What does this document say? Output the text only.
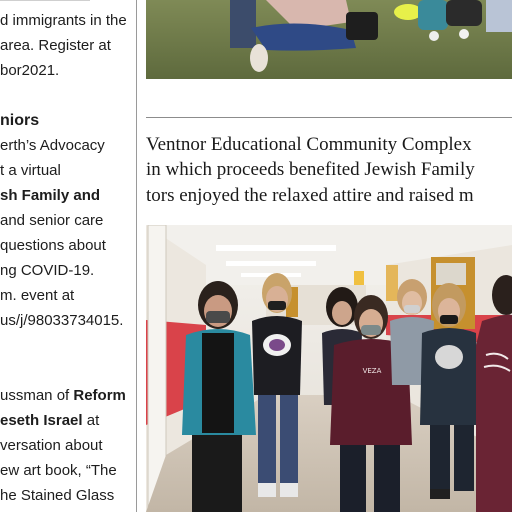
d immigrants in the
area. Register at
bor2021.
niors
erth’s Advocacy
t a virtual
sh Family and
and senior care
questions about
ng COVID-19.
m. event at
us/j/98033734015.
ussman of Reform
eseth Israel at
versation about
ew art book, “The
he Stained Glass
Ventnor Educational Community Complex
in which proceeds benefited Jewish Family
tors enjoyed the relaxed attire and raised m
VEZA
